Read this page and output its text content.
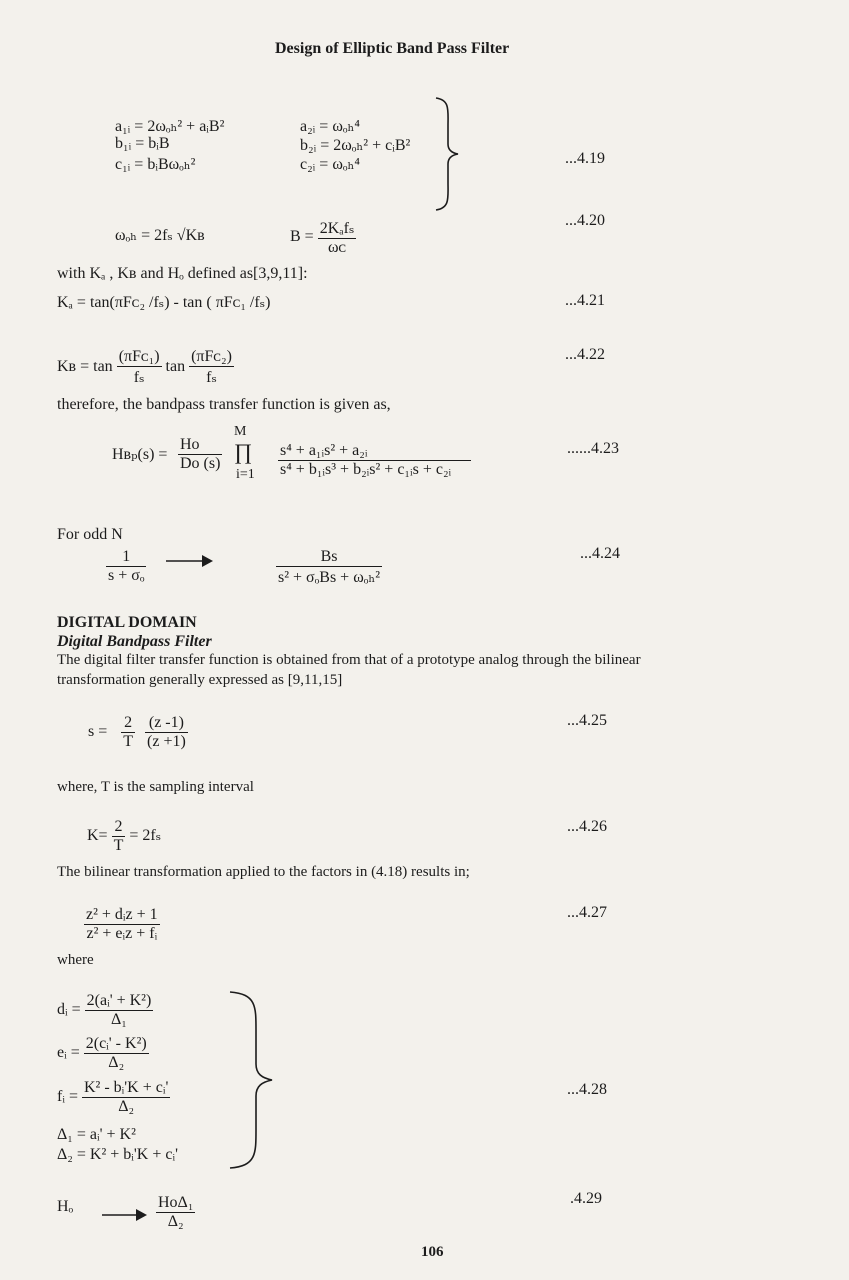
Design of Elliptic Band Pass Filter
a₁ᵢ = 2ωₒₕ² + aᵢB²
b₁ᵢ = bᵢB
c₁ᵢ = bᵢBωₒₕ²
a₂ᵢ = ωₒₕ⁴
b₂ᵢ = 2ωₒₕ² + cᵢB²
c₂ᵢ = ωₒₕ⁴	...4.19
ωₒₕ = 2fₛ √Kʙ	$B = \frac{\text{2Kₐfₛ}}{\text{ωᴄ}}$	...4.20
with Kₐ , Kʙ and Hₒ defined as[3,9,11]:
Kₐ = tan(πFᴄ₂ /fₛ) - tan ( πFᴄ₁ /fₛ)	...4.21
Kʙ = $\tan \frac{\text{(πFᴄ₁)}}{\text{fₛ}}$ $\tan \frac{\text{(πFᴄ₂)}}{\text{fₛ}}$	...4.22
therefore, the bandpass transfer function is given as,
Hʙₚ(s) = $\frac{Ho}{Do (s)}$
M
∏
$i=1 \frac{\text{s⁴ + a₁ᵢs² + a₂ᵢ}}{\text{s⁴ + b₁ᵢs³ + b₂ᵢs² + c₁ᵢs + c₂ᵢ}}$	......4.23
For odd N
$\frac{1}{\text{s + σₒ}}$	$\frac{Bs}{\text{s² + σₒBs + ωₒₕ²}}$	...4.24
DIGITAL DOMAIN
Digital Bandpass Filter
The digital filter transfer function is obtained from that of a prototype analog through the bilinear
transformation generally expressed as [9,11,15]
$s = \frac{2}{T} \frac{(z -1)}{(z +1)}$	...4.25
where, T is the sampling interval
$K= \frac{2}{T} = 2f_s$
...4.26
The bilinear transformation applied to the factors in (4.18) results in;
$\frac{\text{z² + dᵢz + 1}}{\text{z² + eᵢz + fᵢ}}$	...4.27
where
dᵢ = $\frac{\text{2(aᵢ' + K²)}}{\text{Δ₁}}$
eᵢ = $\frac{\text{2(cᵢ' - K²)}}{\text{Δ₂}}$
fᵢ = $\frac{\text{K² - bᵢ'K + cᵢ'}}{\text{Δ₂}}$
Δ₁ = aᵢ' + K²
Δ₂ = K² + bᵢ'K + cᵢ'
...4.28
Hₒ	$\frac{\text{HoΔ₁}}{\text{Δ₂}}$	.4.29
106
